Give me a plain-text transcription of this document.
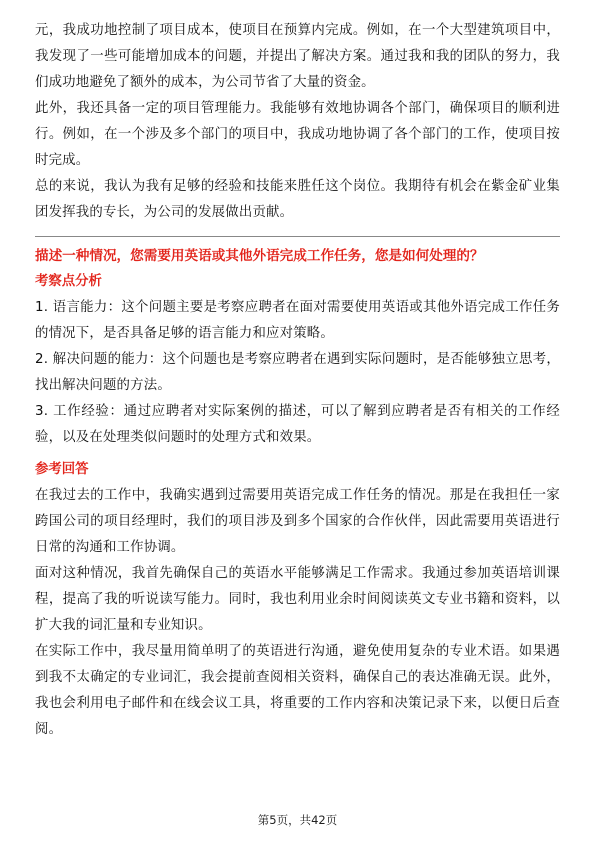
元，我成功地控制了项目成本，使项目在预算内完成。例如，在一个大型建筑项目中，我发现了一些可能增加成本的问题，并提出了解决方案。通过我和我的团队的努力，我们成功地避免了额外的成本，为公司节省了大量的资金。

此外，我还具备一定的项目管理能力。我能够有效地协调各个部门，确保项目的顺利进行。例如，在一个涉及多个部门的项目中，我成功地协调了各个部门的工作，使项目按时完成。

总的来说，我认为我有足够的经验和技能来胜任这个岗位。我期待有机会在紫金矿业集团发挥我的专长，为公司的发展做出贡献。

描述一种情况，您需要用英语或其他外语完成工作任务，您是如何处理的？
考察点分析

1. 语言能力：这个问题主要是考察应聘者在面对需要使用英语或其他外语完成工作任务的情况下，是否具备足够的语言能力和应对策略。

2. 解决问题的能力：这个问题也是考察应聘者在遇到实际问题时，是否能够独立思考，找出解决问题的方法。

3. 工作经验：通过应聘者对实际案例的描述，可以了解到应聘者是否有相关的工作经验，以及在处理类似问题时的处理方式和效果。

参考回答

在我过去的工作中，我确实遇到过需要用英语完成工作任务的情况。那是在我担任一家跨国公司的项目经理时，我们的项目涉及到多个国家的合作伙伴，因此需要用英语进行日常的沟通和工作协调。

面对这种情况，我首先确保自己的英语水平能够满足工作需求。我通过参加英语培训课程，提高了我的听说读写能力。同时，我也利用业余时间阅读英文专业书籍和资料，以扩大我的词汇量和专业知识。

在实际工作中，我尽量用简单明了的英语进行沟通，避免使用复杂的专业术语。如果遇到我不太确定的专业词汇，我会提前查阅相关资料，确保自己的表达准确无误。此外，我也会利用电子邮件和在线会议工具，将重要的工作内容和决策记录下来，以便日后查阅。

第5页，共42页
